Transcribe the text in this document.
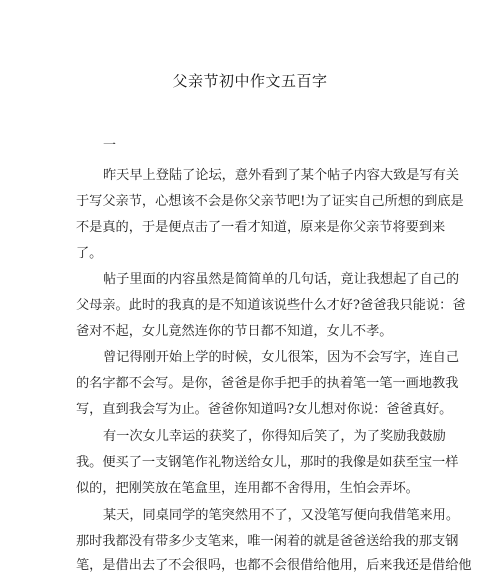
父亲节初中作文五百字
一
昨天早上登陆了论坛，意外看到了某个帖子内容大致是写有关
于写父亲节，心想该不会是你父亲节吧!为了证实自己所想的到底是
不是真的，于是便点击了一看才知道，原来是你父亲节将要到来
了。
帖子里面的内容虽然是简简单的几句话，竟让我想起了自己的
父母亲。此时的我真的是不知道该说些什么才好?爸爸我只能说：爸
爸对不起，女儿竟然连你的节日都不知道，女儿不孝。
曾记得刚开始上学的时候，女儿很笨，因为不会写字，连自己
的名字都不会写。是你，爸爸是你手把手的执着笔一笔一画地教我
写，直到我会写为止。爸爸你知道吗?女儿想对你说：爸爸真好。
有一次女儿幸运的获奖了，你得知后笑了，为了奖励我鼓励
我。便买了一支钢笔作礼物送给女儿，那时的我像是如获至宝一样
似的，把刚笑放在笔盒里，连用都不舍得用，生怕会弄坏。
某天，同桌同学的笔突然用不了，又没笔写便向我借笔来用。
那时我都没有带多少支笔来，唯一闲着的就是爸爸送给我的那支钢
笔，是借出去了不会很吗，也都不会很借给他用，后来我还是借给他
